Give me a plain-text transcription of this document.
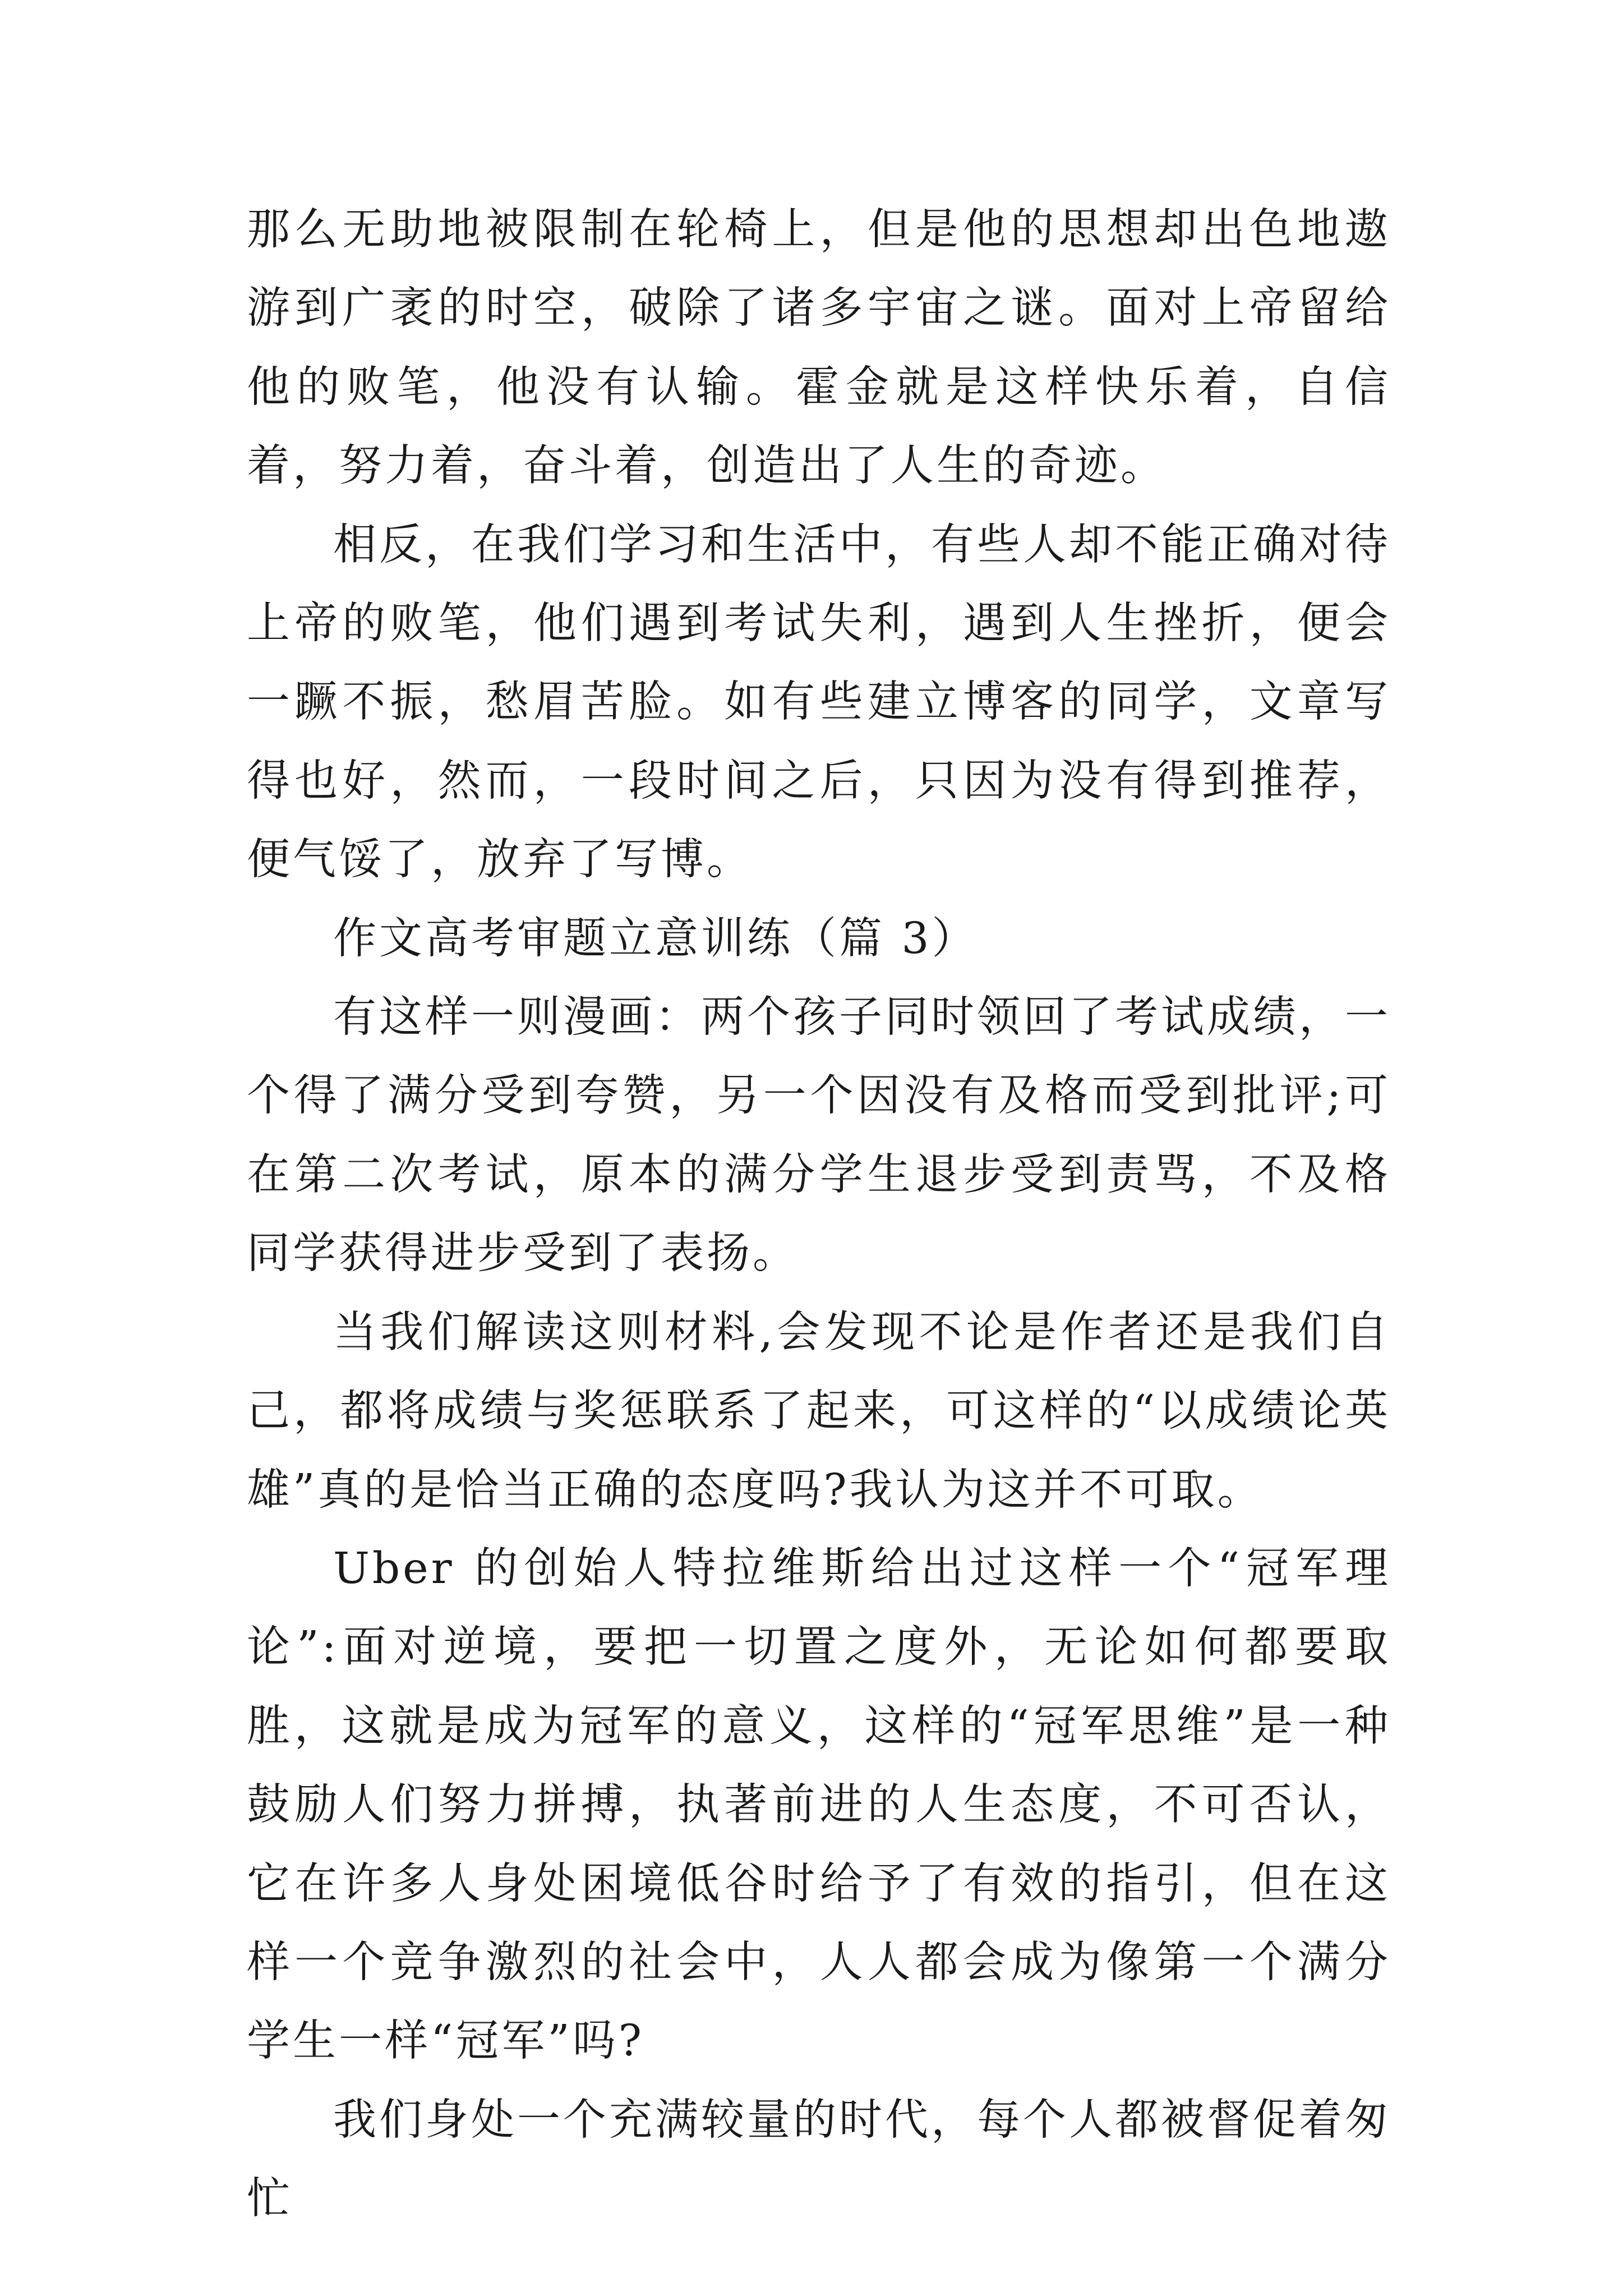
那么无助地被限制在轮椅上，但是他的思想却出色地遨游到广袤的时空，破除了诸多宇宙之谜。面对上帝留给他的败笔，他没有认输。霍金就是这样快乐着，自信着，努力着，奋斗着，创造出了人生的奇迹。

相反，在我们学习和生活中，有些人却不能正确对待上帝的败笔，他们遇到考试失利，遇到人生挫折，便会一蹶不振，愁眉苦脸。如有些建立博客的同学，文章写得也好，然而，一段时间之后，只因为没有得到推荐，便气馁了，放弃了写博。

作文高考审题立意训练（篇 3）

有这样一则漫画：两个孩子同时领回了考试成绩，一个得了满分受到夸赞，另一个因没有及格而受到批评;可在第二次考试，原本的满分学生退步受到责骂，不及格同学获得进步受到了表扬。

当我们解读这则材料,会发现不论是作者还是我们自己，都将成绩与奖惩联系了起来，可这样的“以成绩论英雄”真的是恰当正确的态度吗?我认为这并不可取。

Uber 的创始人特拉维斯给出过这样一个“冠军理论”:面对逆境，要把一切置之度外，无论如何都要取胜，这就是成为冠军的意义，这样的“冠军思维”是一种鼓励人们努力拼搏，执著前进的人生态度，不可否认，它在许多人身处困境低谷时给予了有效的指引，但在这样一个竞争激烈的社会中，人人都会成为像第一个满分学生一样“冠军”吗?

我们身处一个充满较量的时代，每个人都被督促着匆忙
